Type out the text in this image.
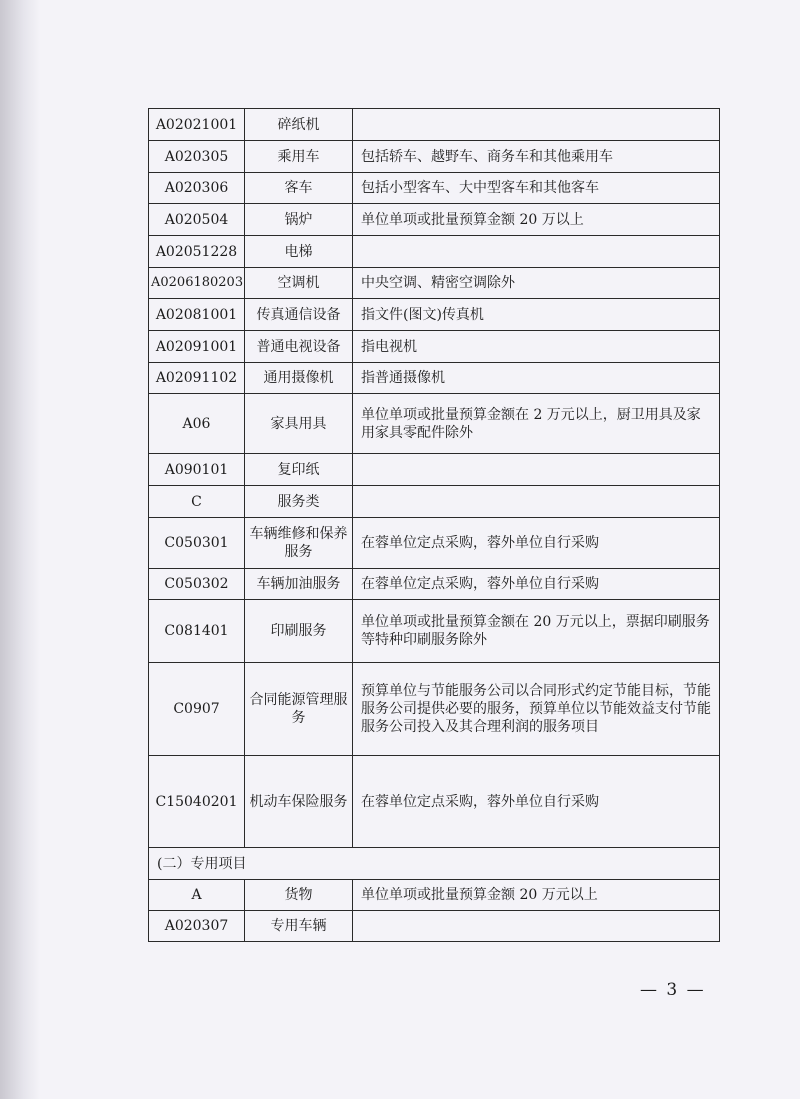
A02021001	碎纸机	
A020305	乘用车	包括轿车、越野车、商务车和其他乘用车
A020306	客车	包括小型客车、大中型客车和其他客车
A020504	锅炉	单位单项或批量预算金额 20 万以上
A02051228	电梯	
A0206180203	空调机	中央空调、精密空调除外
A02081001	传真通信设备	指文件(图文)传真机
A02091001	普通电视设备	指电视机
A02091102	通用摄像机	指普通摄像机
A06	家具用具	单位单项或批量预算金额在 2 万元以上，厨卫用具及家用家具零配件除外
A090101	复印纸	
C	服务类	
C050301	车辆维修和保养服务	在蓉单位定点采购，蓉外单位自行采购
C050302	车辆加油服务	在蓉单位定点采购，蓉外单位自行采购
C081401	印刷服务	单位单项或批量预算金额在 20 万元以上，票据印刷服务等特种印刷服务除外
C0907	合同能源管理服务	预算单位与节能服务公司以合同形式约定节能目标，节能服务公司提供必要的服务，预算单位以节能效益支付节能服务公司投入及其合理利润的服务项目
C15040201	机动车保险服务	在蓉单位定点采购，蓉外单位自行采购
(二）专用项目		
A	货物	单位单项或批量预算金额 20 万元以上
A020307	专用车辆	
— 3 —
